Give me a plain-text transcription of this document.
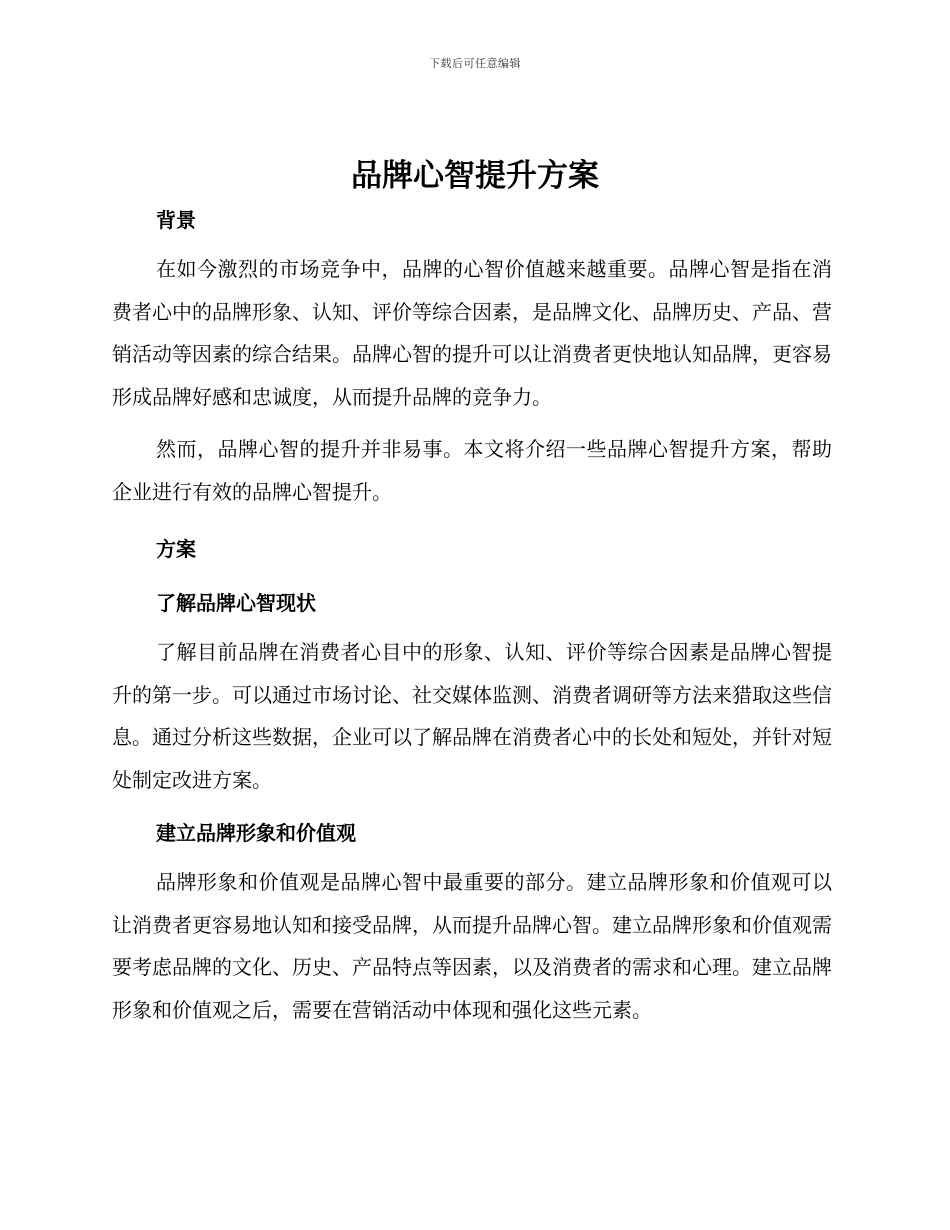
下载后可任意编辑
品牌心智提升方案
背景

在如今激烈的市场竞争中，品牌的心智价值越来越重要。品牌心智是指在消费者心中的品牌形象、认知、评价等综合因素，是品牌文化、品牌历史、产品、营销活动等因素的综合结果。品牌心智的提升可以让消费者更快地认知品牌，更容易形成品牌好感和忠诚度，从而提升品牌的竞争力。

然而，品牌心智的提升并非易事。本文将介绍一些品牌心智提升方案，帮助企业进行有效的品牌心智提升。

方案
了解品牌心智现状

了解目前品牌在消费者心目中的形象、认知、评价等综合因素是品牌心智提升的第一步。可以通过市场讨论、社交媒体监测、消费者调研等方法来猎取这些信息。通过分析这些数据，企业可以了解品牌在消费者心中的长处和短处，并针对短处制定改进方案。

建立品牌形象和价值观

品牌形象和价值观是品牌心智中最重要的部分。建立品牌形象和价值观可以让消费者更容易地认知和接受品牌，从而提升品牌心智。建立品牌形象和价值观需要考虑品牌的文化、历史、产品特点等因素，以及消费者的需求和心理。建立品牌形象和价值观之后，需要在营销活动中体现和强化这些元素。
